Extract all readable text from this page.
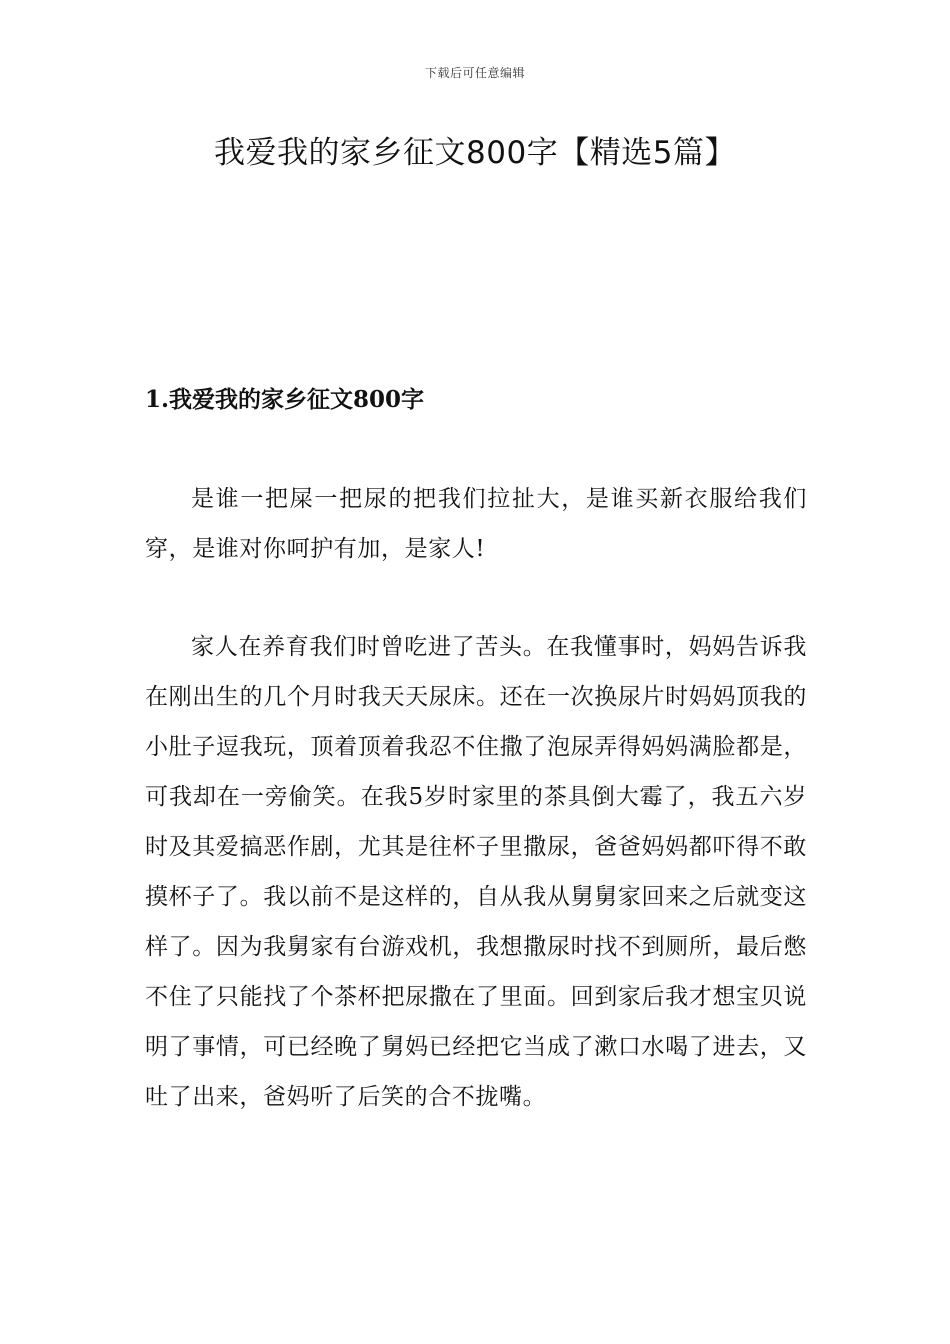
下载后可任意编辑
我爱我的家乡征文800字【精选5篇】
1.我爱我的家乡征文800字

是谁一把屎一把尿的把我们拉扯大，是谁买新衣服给我们穿，是谁对你呵护有加，是家人!

家人在养育我们时曾吃进了苦头。在我懂事时，妈妈告诉我在刚出生的几个月时我天天尿床。还在一次换尿片时妈妈顶我的小肚子逗我玩，顶着顶着我忍不住撒了泡尿弄得妈妈满脸都是，可我却在一旁偷笑。在我5岁时家里的茶具倒大霉了，我五六岁时及其爱搞恶作剧，尤其是往杯子里撒尿，爸爸妈妈都吓得不敢摸杯子了。我以前不是这样的，自从我从舅舅家回来之后就变这样了。因为我舅家有台游戏机，我想撒尿时找不到厕所，最后憋不住了只能找了个茶杯把尿撒在了里面。回到家后我才想宝贝说明了事情，可已经晚了舅妈已经把它当成了漱口水喝了进去，又吐了出来，爸妈听了后笑的合不拢嘴。
